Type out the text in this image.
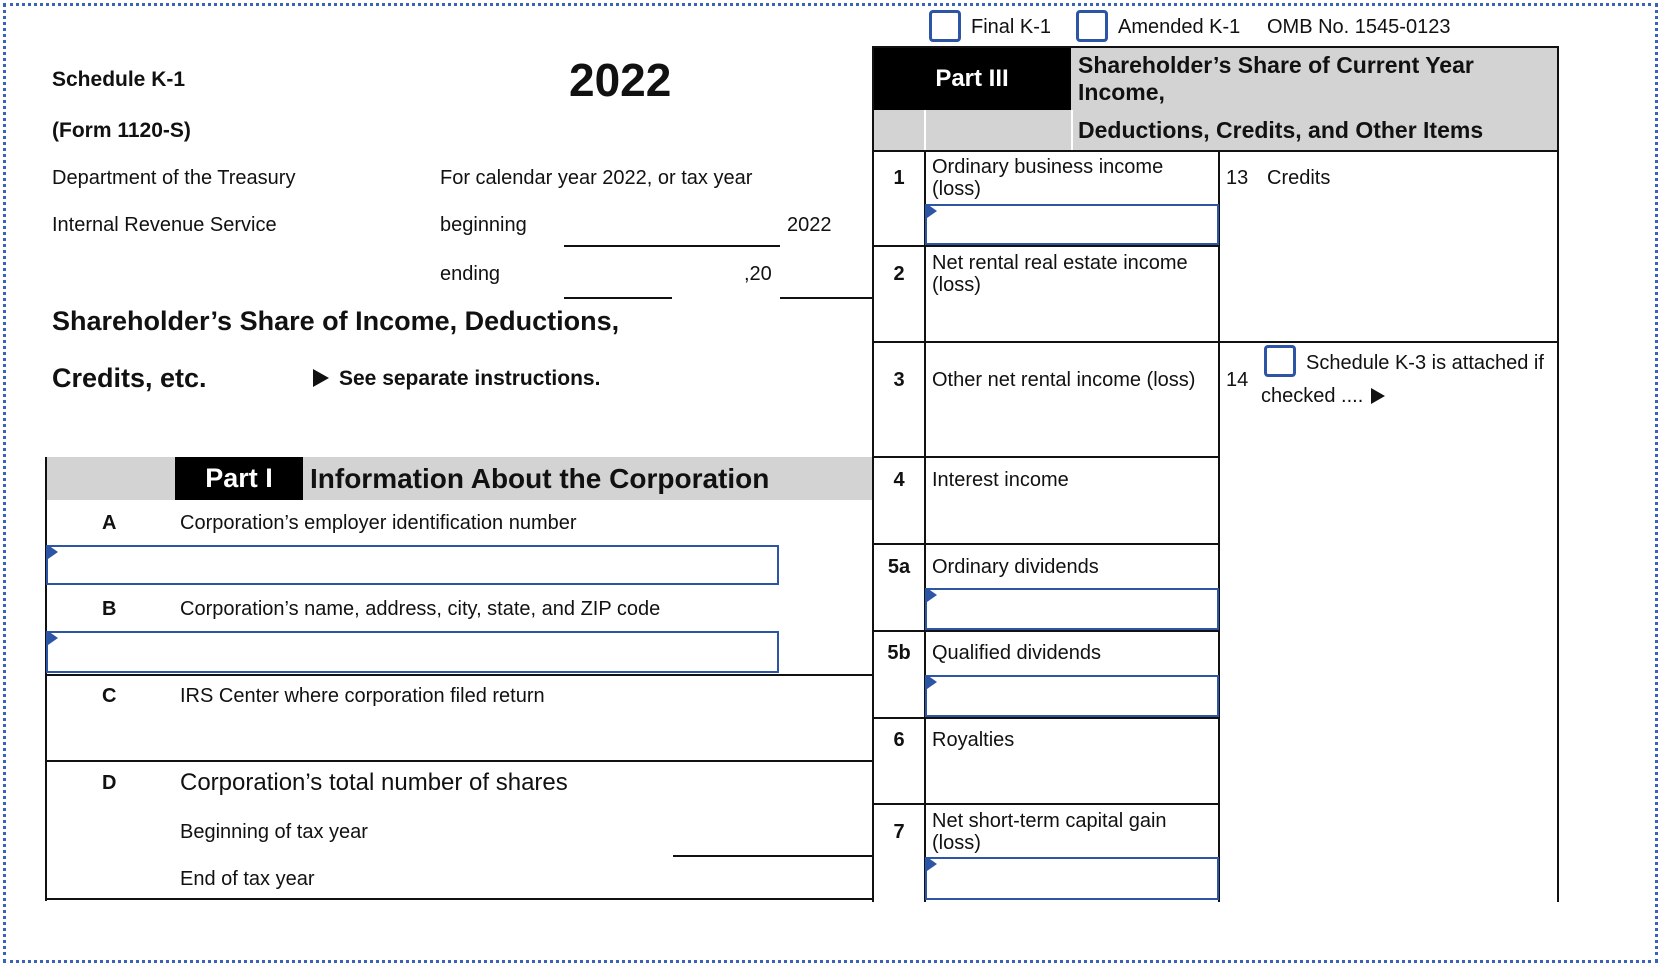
Final K-1	Amended K-1 OMB No. 1545-0123
Schedule K-1
(Form 1120-S)
2022
Department of the Treasury
Internal Revenue Service
For calendar year 2022, or tax year
beginning	2022
ending	,20
Shareholder’s Share of Income, Deductions,
Credits, etc.	See separate instructions.
Part I	Information About the Corporation
A	Corporation’s employer identification number
B	Corporation’s name, address, city, state, and ZIP code
C	IRS Center where corporation filed return
D	Corporation’s total number of shares
Beginning of tax year
End of tax year
Part III	Shareholder’s Share of Current Year Income,
Deductions, Credits, and Other Items
1	Ordinary business income (loss)
2	Net rental real estate income (loss)
3	Other net rental income (loss)
4	Interest income
5a	Ordinary dividends
5b	Qualified dividends
6	Royalties
7	Net short-term capital gain (loss)
13 Credits
14
Schedule K-3 is attached if
checked ....
